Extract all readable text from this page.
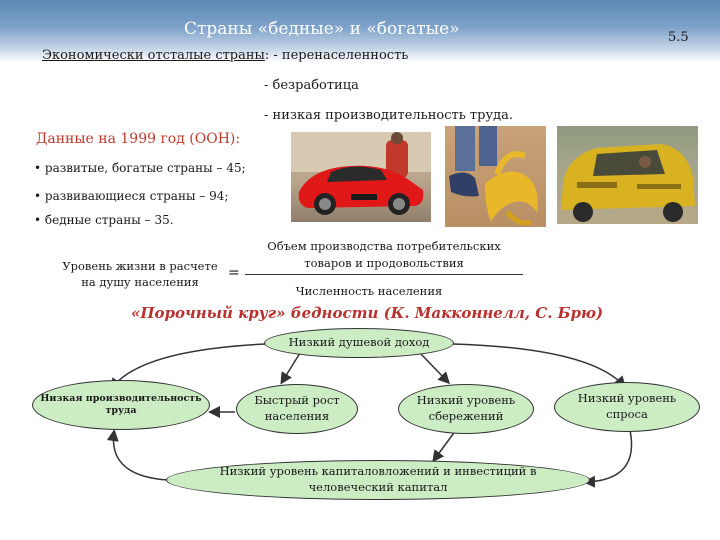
Страны «бедные» и «богатые»	5.5
Экономически отсталые страны: - перенаселенность
- безработица
- низкая производительность труда.
Данные на 1999 год (ООН):
• развитые, богатые страны – 45;
• развивающиеся страны – 94;
• бедные страны – 35.
Уровень жизни в расчете
на душу населения
=
Объем производства потребительских
товаров и продовольствия
Численность населения
«Порочный круг» бедности (К. Макконнелл, С. Брю)
Низкий душевой доход
Низкая производительность
труда
Быстрый рост
населения
Низкий уровень
сбережений
Низкий уровень
спроса
Низкий уровень капиталовложений и инвестиций в
человеческий капитал
